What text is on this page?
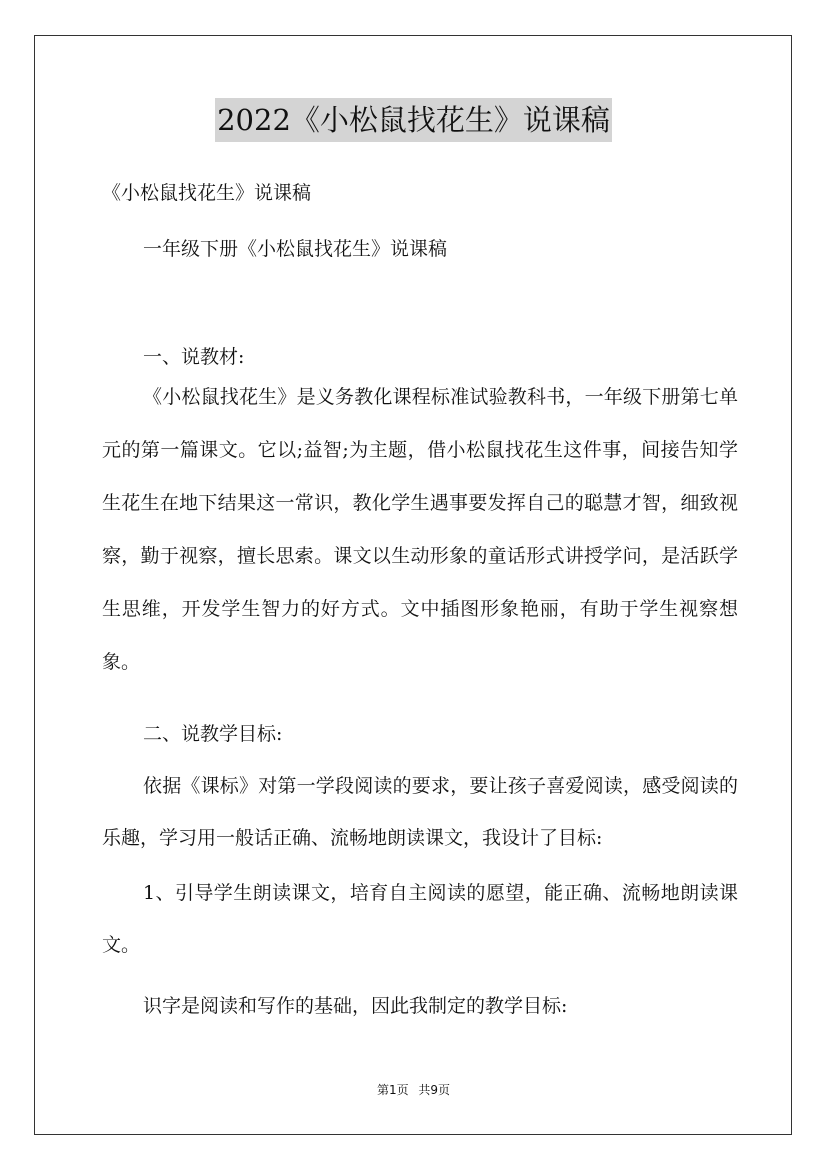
2022《小松鼠找花生》说课稿
《小松鼠找花生》说课稿
一年级下册《小松鼠找花生》说课稿
一、说教材:

《小松鼠找花生》是义务教化课程标准试验教科书，一年级下册第七单元的第一篇课文。它以;益智;为主题，借小松鼠找花生这件事，间接告知学生花生在地下结果这一常识，教化学生遇事要发挥自己的聪慧才智，细致视察，勤于视察，擅长思索。课文以生动形象的童话形式讲授学问，是活跃学生思维，开发学生智力的好方式。文中插图形象艳丽，有助于学生视察想象。

二、说教学目标:

依据《课标》对第一学段阅读的要求，要让孩子喜爱阅读，感受阅读的乐趣，学习用一般话正确、流畅地朗读课文，我设计了目标:

1、引导学生朗读课文，培育自主阅读的愿望，能正确、流畅地朗读课文。

识字是阅读和写作的基础，因此我制定的教学目标:

第1页 共9页
